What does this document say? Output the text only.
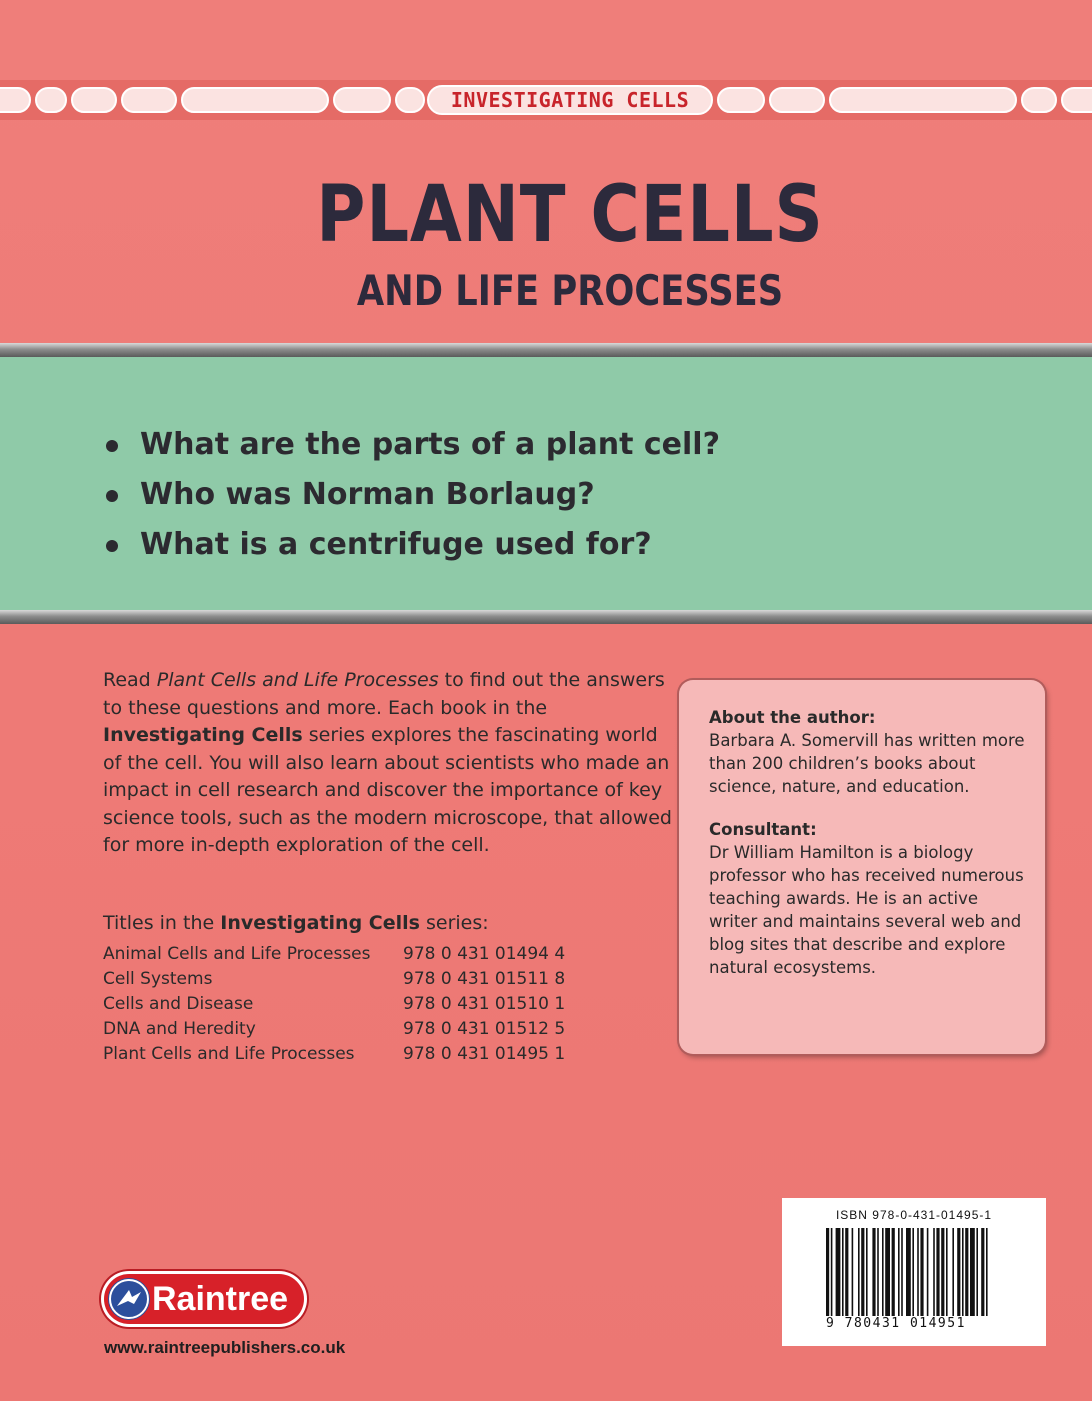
INVESTIGATING CELLS
PLANT CELLS
AND LIFE PROCESSES
What are the parts of a plant cell?
Who was Norman Borlaug?
What is a centrifuge used for?
Read Plant Cells and Life Processes to find out the answers to these questions and more. Each book in the Investigating Cells series explores the fascinating world of the cell. You will also learn about scientists who made an impact in cell research and discover the importance of key science tools, such as the modern microscope, that allowed for more in-depth exploration of the cell.
Titles in the Investigating Cells series:
Animal Cells and Life Processes 978 0 431 01494 4
Cell Systems	978 0 431 01511 8
Cells and Disease	978 0 431 01510 1
DNA and Heredity	978 0 431 01512 5
Plant Cells and Life Processes	978 0 431 01495 1
About the author:
Barbara A. Somervill has written more than 200 children’s books about science, nature, and education.
Consultant:
Dr William Hamilton is a biology professor who has received numerous teaching awards. He is an active writer and maintains several web and blog sites that describe and explore natural ecosystems.
ISBN 978-0-431-01495-1
9 780431 014951
Raintree
www.raintreepublishers.co.uk
